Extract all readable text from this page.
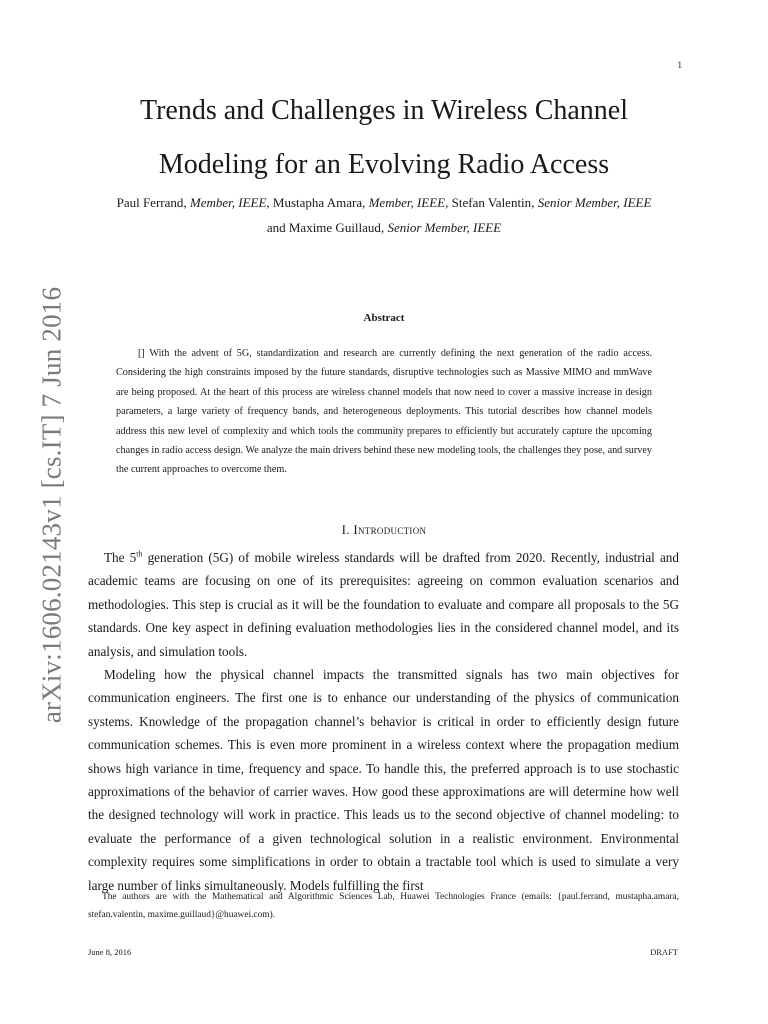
1
arXiv:1606.02143v1 [cs.IT] 7 Jun 2016
Trends and Challenges in Wireless Channel
Modeling for an Evolving Radio Access
Paul Ferrand, Member, IEEE, Mustapha Amara, Member, IEEE, Stefan Valentin, Senior Member, IEEE
and Maxime Guillaud, Senior Member, IEEE
Abstract
[] With the advent of 5G, standardization and research are currently defining the next generation of the radio access. Considering the high constraints imposed by the future standards, disruptive technologies such as Massive MIMO and mmWave are being proposed. At the heart of this process are wireless channel models that now need to cover a massive increase in design parameters, a large variety of frequency bands, and heterogeneous deployments. This tutorial describes how channel models address this new level of complexity and which tools the community prepares to efficiently but accurately capture the upcoming changes in radio access design. We analyze the main drivers behind these new modeling tools, the challenges they pose, and survey the current approaches to overcome them.
I. Introduction

The 5th generation (5G) of mobile wireless standards will be drafted from 2020. Recently, industrial and academic teams are focusing on one of its prerequisites: agreeing on common evaluation scenarios and methodologies. This step is crucial as it will be the foundation to evaluate and compare all proposals to the 5G standards. One key aspect in defining evaluation methodologies lies in the considered channel model, and its analysis, and simulation tools.

Modeling how the physical channel impacts the transmitted signals has two main objectives for communication engineers. The first one is to enhance our understanding of the physics of communication systems. Knowledge of the propagation channel’s behavior is critical in order to efficiently design future communication schemes. This is even more prominent in a wireless context where the propagation medium shows high variance in time, frequency and space. To handle this, the preferred approach is to use stochastic approximations of the behavior of carrier waves. How good these approximations are will determine how well the designed technology will work in practice. This leads us to the second objective of channel modeling: to evaluate the performance of a given technological solution in a realistic environment. Environmental complexity requires some simplifications in order to obtain a tractable tool which is used to simulate a very large number of links simultaneously. Models fulfilling the first

The authors are with the Mathematical and Algorithmic Sciences Lab, Huawei Technologies France (emails: {paul.ferrand, mustapha.amara, stefan.valentin, maxime.guillaud}@huawei.com).
June 8, 2016	DRAFT
